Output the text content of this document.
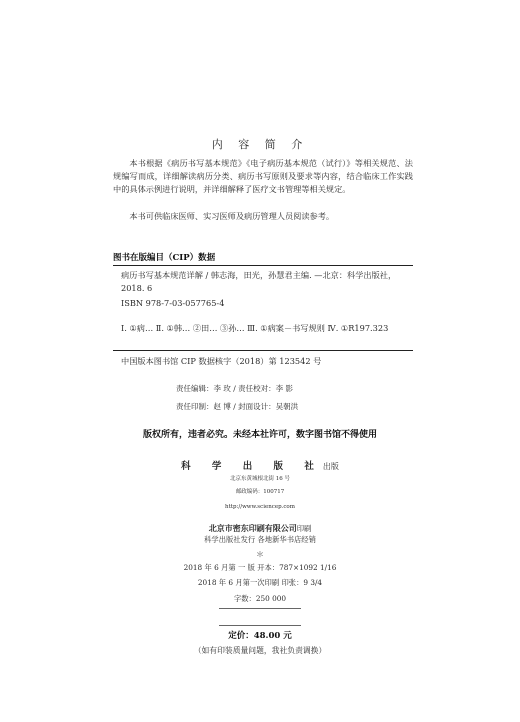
内 容 简 介
本书根据《病历书写基本规范》《电子病历基本规范（试行）》等相关规范、法规编写而成，详细解读病历分类、病历书写原则及要求等内容，结合临床工作实践中的具体示例进行说明，并详细解释了医疗文书管理等相关规定。
本书可供临床医师、实习医师及病历管理人员阅读参考。
图书在版编目（CIP）数据
病历书写基本规范详解 / 韩志海，田光，孙慧君主编. —北京：科学出版社，2018. 6
ISBN 978-7-03-057765-4
Ⅰ. ①病… Ⅱ. ①韩… ②田… ③孙… Ⅲ. ①病案－书写规则 Ⅳ. ①R197.323
中国版本图书馆 CIP 数据核字（2018）第 123542 号
责任编辑：李 玫 / 责任校对：李 影
责任印制：赵 博 / 封面设计：吴朝洪
版权所有，违者必究。未经本社许可，数字图书馆不得使用
科 学 出 版 社出版
北京东黄城根北街 16 号
邮政编码：100717
http://www.sciencep.com
北京市密东印刷有限公司印刷
科学出版社发行 各地新华书店经销
＊
2018 年 6 月第 一 版 开本：787×1092 1/16
2018 年 6 月第一次印刷 印张：9 3/4
字数：250 000
定价：48.00 元
（如有印装质量问题，我社负责调换）
